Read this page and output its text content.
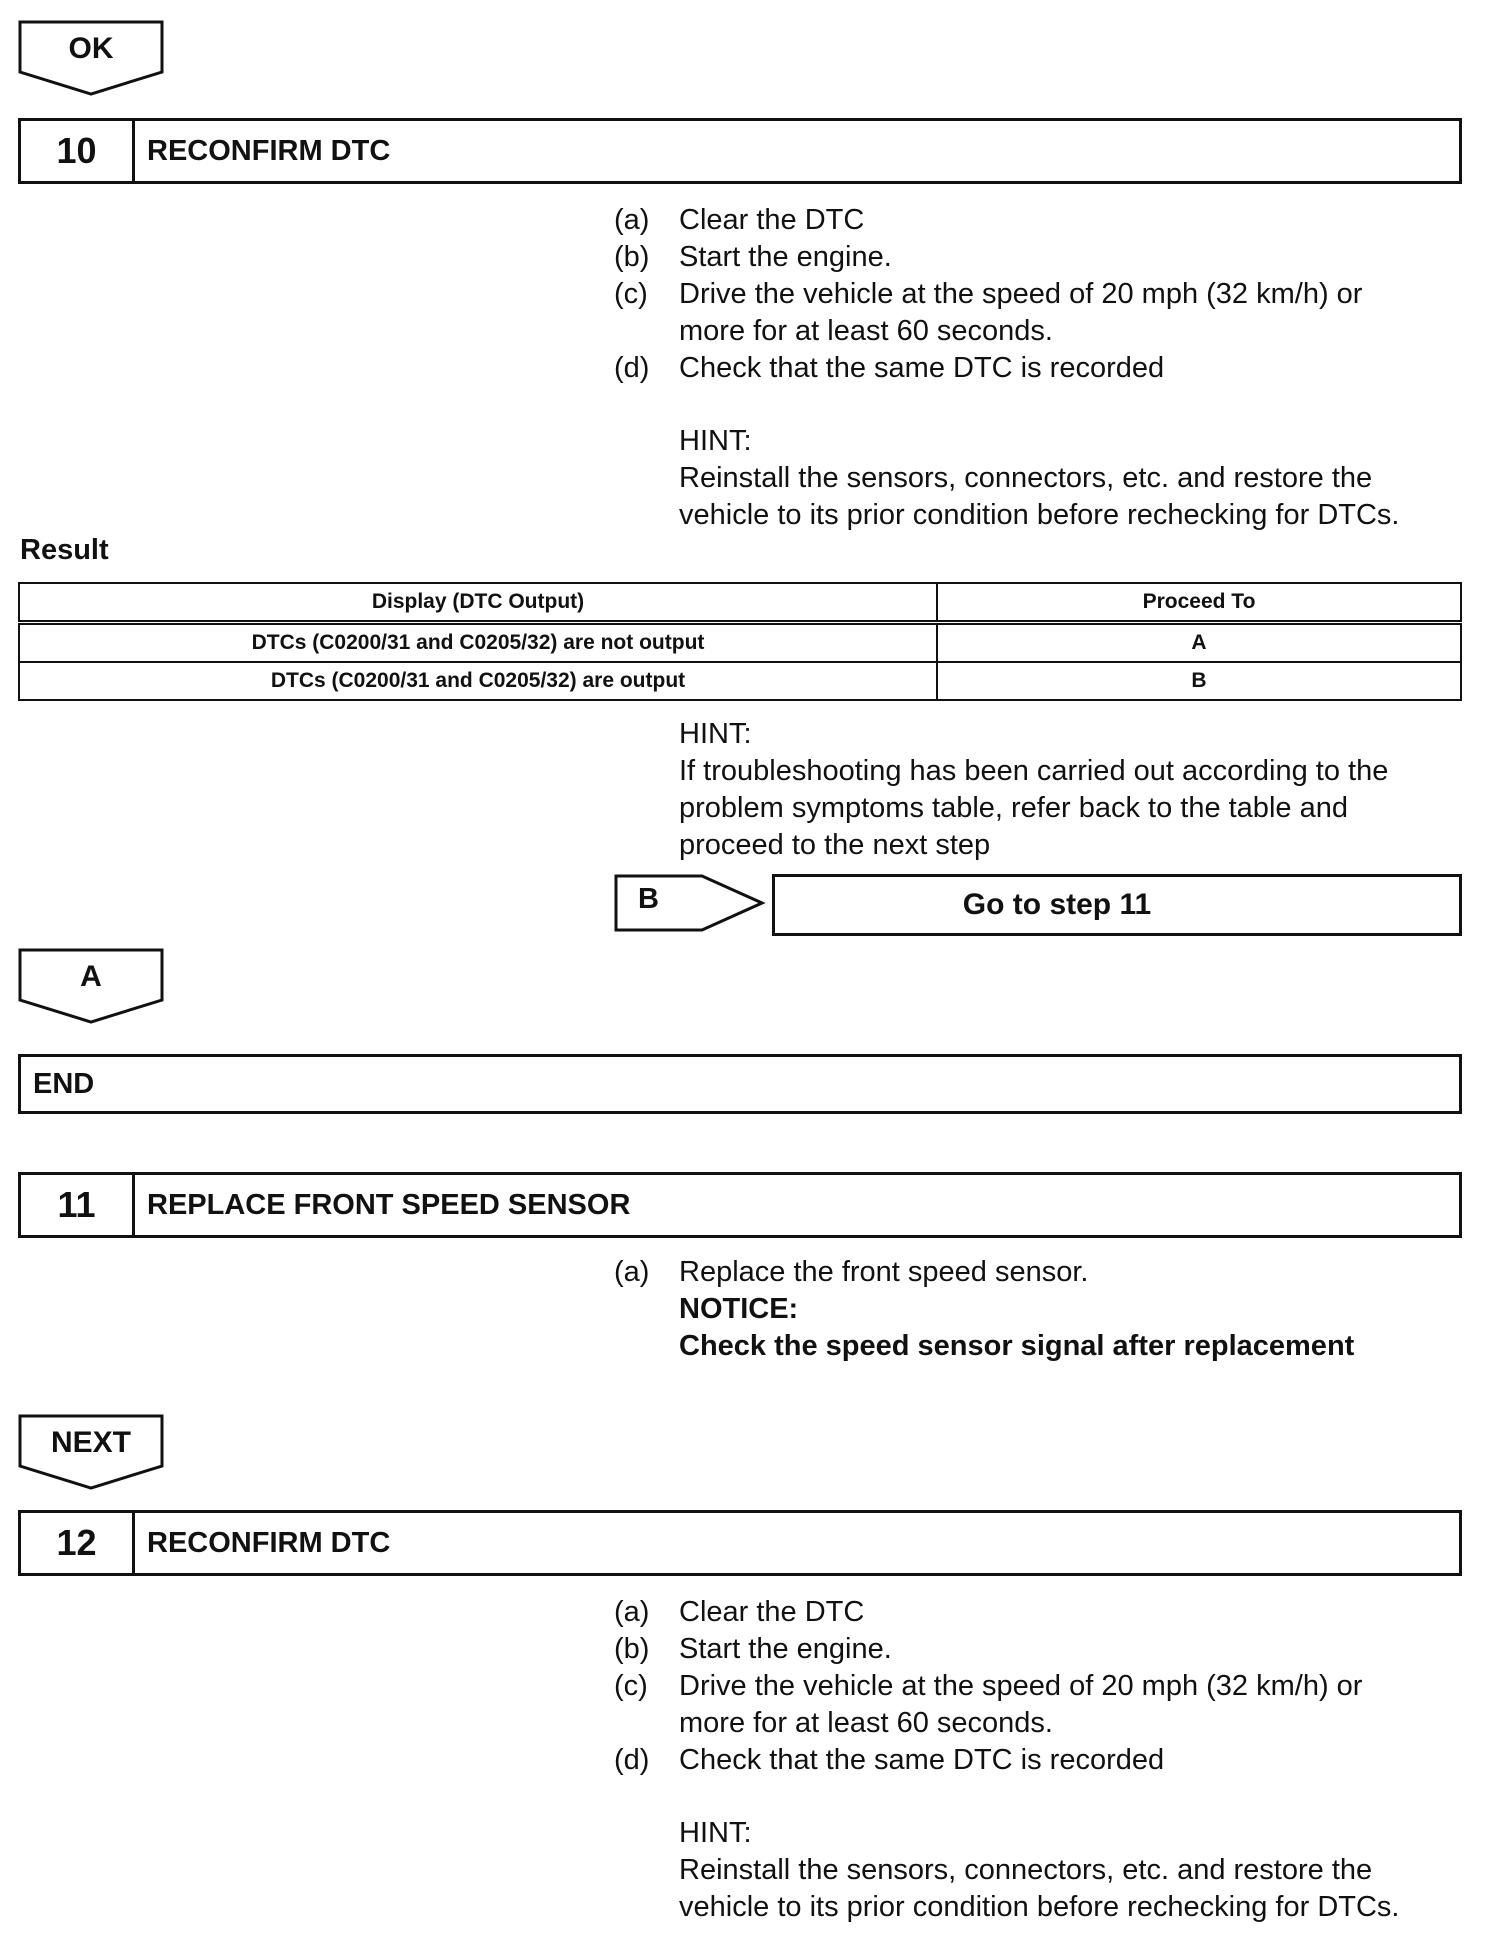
OK
10	RECONFIRM DTC
(a)	Clear the DTC
(b)	Start the engine.
(c)	Drive the vehicle at the speed of 20 mph (32 km/h) or more for at least 60 seconds.
(d)	Check that the same DTC is recorded
HINT:
Reinstall the sensors, connectors, etc. and restore the vehicle to its prior condition before rechecking for DTCs.
Result
Display (DTC Output)	Proceed To
DTCs (C0200/31 and C0205/32) are not output	A
DTCs (C0200/31 and C0205/32) are output	B
HINT:
If troubleshooting has been carried out according to the problem symptoms table, refer back to the table and proceed to the next step
B	Go to step 11
A
END
11	REPLACE FRONT SPEED SENSOR
(a)	Replace the front speed sensor.
NOTICE:
Check the speed sensor signal after replacement
NEXT
12	RECONFIRM DTC
(a)	Clear the DTC
(b)	Start the engine.
(c)	Drive the vehicle at the speed of 20 mph (32 km/h) or more for at least 60 seconds.
(d)	Check that the same DTC is recorded
HINT:
Reinstall the sensors, connectors, etc. and restore the vehicle to its prior condition before rechecking for DTCs.
